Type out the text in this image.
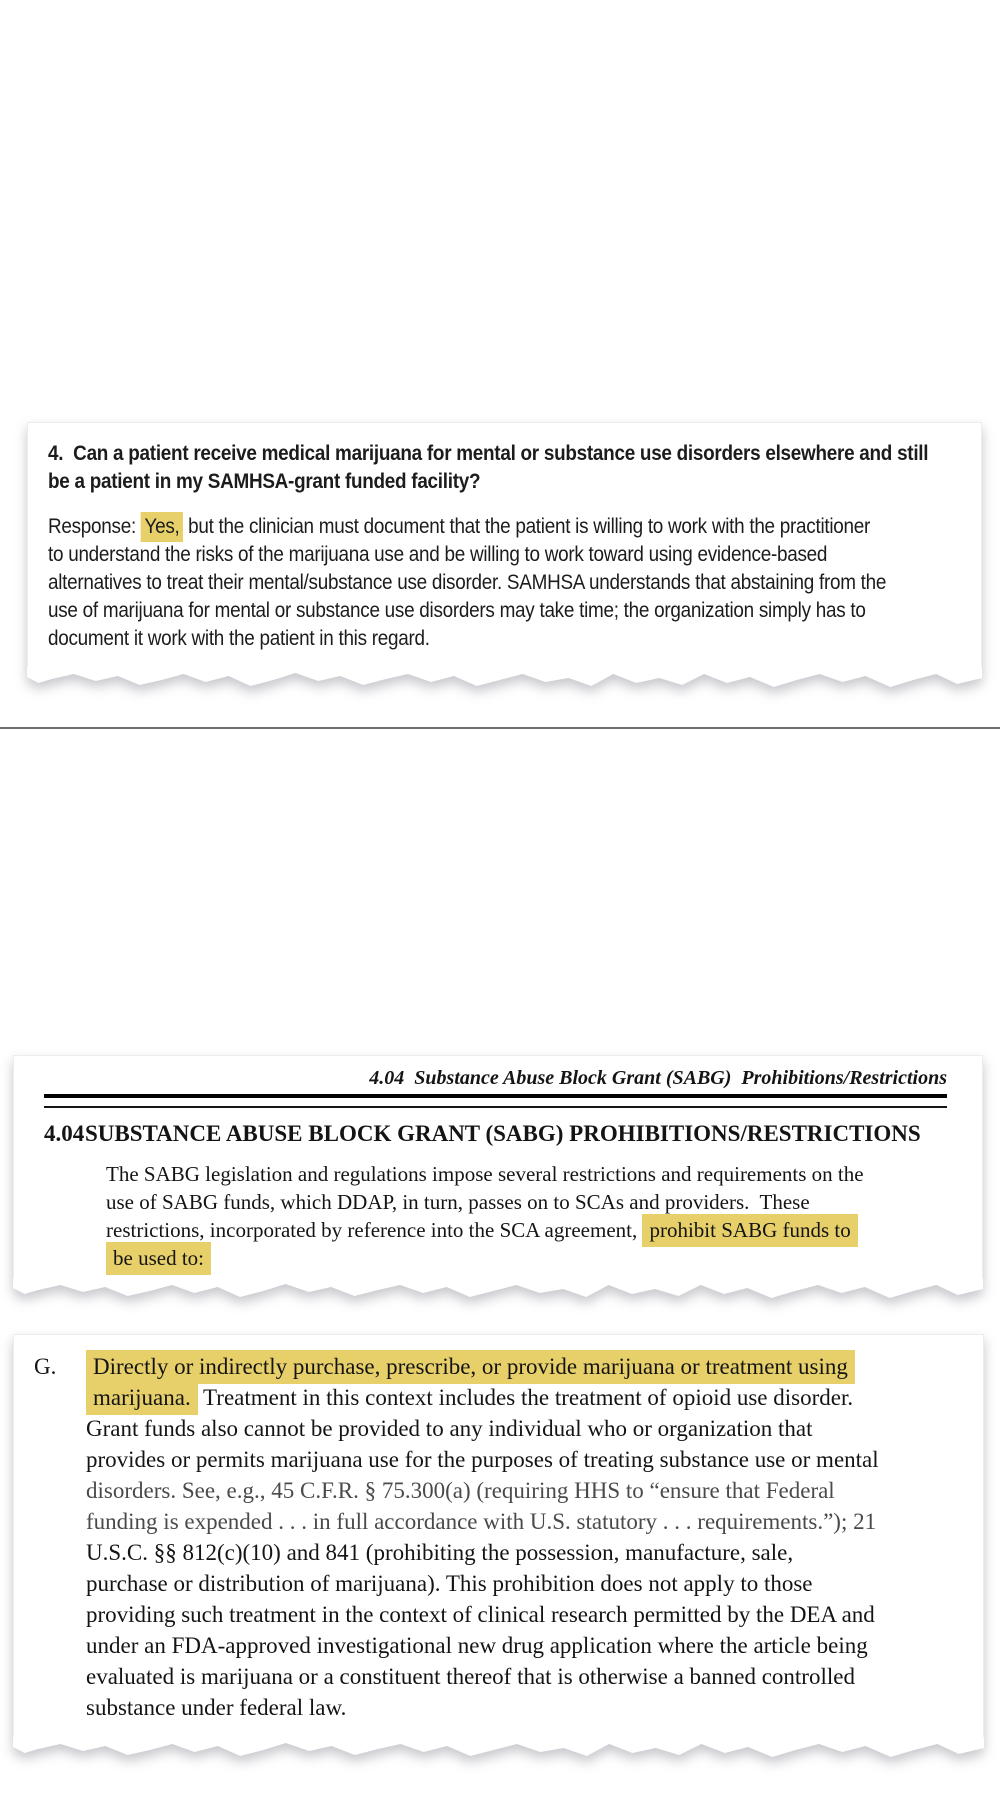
4.  Can a patient receive medical marijuana for mental or substance use disorders elsewhere and still
be a patient in my SAMHSA-grant funded facility?
Response: Yes, but the clinician must document that the patient is willing to work with the practitioner
to understand the risks of the marijuana use and be willing to work toward using evidence-based
alternatives to treat their mental/substance use disorder. SAMHSA understands that abstaining from the
use of marijuana for mental or substance use disorders may take time; the organization simply has to
document it work with the patient in this regard.
4.04  Substance Abuse Block Grant (SABG)  Prohibitions/Restrictions
4.04SUBSTANCE ABUSE BLOCK GRANT (SABG) PROHIBITIONS/RESTRICTIONS
The SABG legislation and regulations impose several restrictions and requirements on the
use of SABG funds, which DDAP, in turn, passes on to SCAs and providers.  These
restrictions, incorporated by reference into the SCA agreement, prohibit SABG funds to
be used to:
G.	Directly or indirectly purchase, prescribe, or provide marijuana or treatment using
marijuana. Treatment in this context includes the treatment of opioid use disorder.
Grant funds also cannot be provided to any individual who or organization that
provides or permits marijuana use for the purposes of treating substance use or mental
disorders. See, e.g., 45 C.F.R. § 75.300(a) (requiring HHS to “ensure that Federal
funding is expended . . . in full accordance with U.S. statutory . . . requirements.”); 21
U.S.C. §§ 812(c)(10) and 841 (prohibiting the possession, manufacture, sale,
purchase or distribution of marijuana). This prohibition does not apply to those
providing such treatment in the context of clinical research permitted by the DEA and
under an FDA-approved investigational new drug application where the article being
evaluated is marijuana or a constituent thereof that is otherwise a banned controlled
substance under federal law.
